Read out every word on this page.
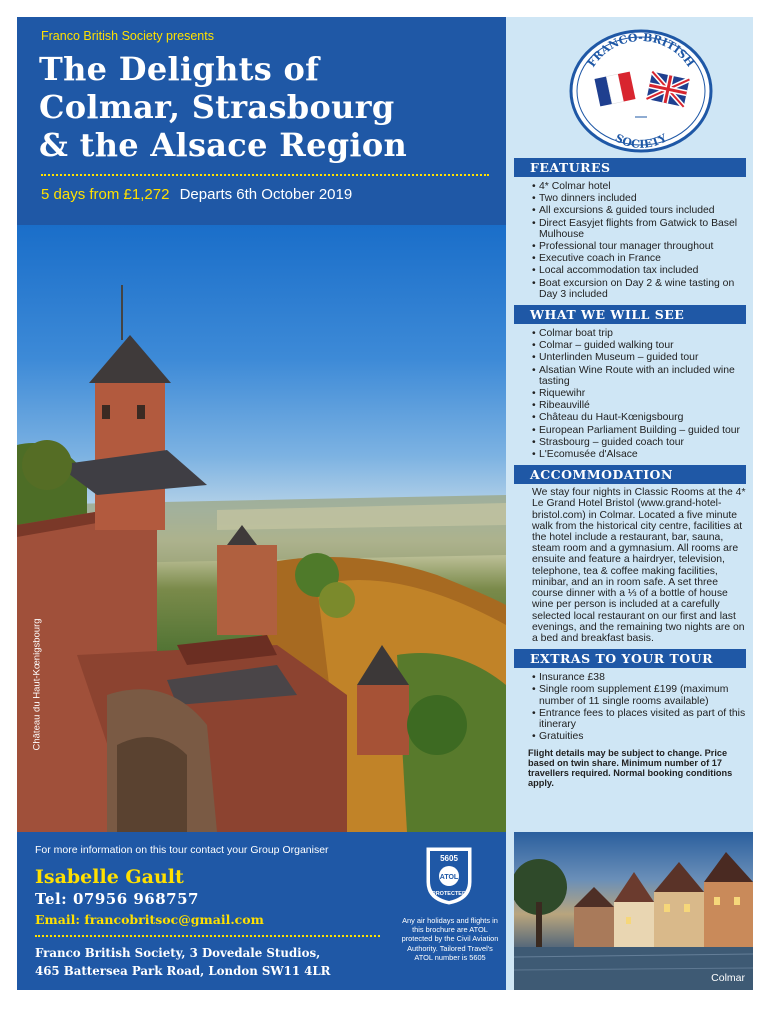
Franco British Society presents
The Delights of
Colmar, Strasbourg
& the Alsace Region
5 days from £1,272 Departs 6th October 2019
Château du Haut-Kœnigsbourg
FRANCO-BRITISH
SOCIETY
FEATURES
• 4* Colmar hotel
• Two dinners included
• All excursions & guided tours included
• Direct Easyjet flights from Gatwick to Basel Mulhouse
• Professional tour manager throughout
• Executive coach in France
• Local accommodation tax included
• Boat excursion on Day 2 & wine tasting on Day 3 included
WHAT WE WILL SEE
• Colmar boat trip
• Colmar – guided walking tour
• Unterlinden Museum – guided tour
• Alsatian Wine Route with an included wine tasting
• Riquewihr
• Ribeauvillé
• Château du Haut-Kœnigsbourg
• European Parliament Building – guided tour
• Strasbourg – guided coach tour
• L'Ecomusée d'Alsace
ACCOMMODATION
We stay four nights in Classic Rooms at the 4* Le Grand Hotel Bristol (www.grand-hotel-bristol.com) in Colmar. Located a five minute walk from the historical city centre, facilities at the hotel include a restaurant, bar, sauna, steam room and a gymnasium. All rooms are ensuite and feature a hairdryer, television, telephone, tea & coffee making facilities, minibar, and an in room safe. A set three course dinner with a ⅓ of a bottle of house wine per person is included at a carefully selected local restaurant on our first and last evenings, and the remaining two nights are on a bed and breakfast basis.
EXTRAS TO YOUR TOUR
• Insurance £38
• Single room supplement £199 (maximum number of 11 single rooms available)
• Entrance fees to places visited as part of this itinerary
• Gratuities
Flight details may be subject to change. Price based on twin share. Minimum number of 17 travellers required. Normal booking conditions apply.
For more information on this tour contact your Group Organiser
Isabelle Gault
Tel: 07956 968757
Email: francobritsoc@gmail.com
Franco British Society, 3 Dovedale Studios,
465 Battersea Park Road, London SW11 4LR
5605
ATOL
PROTECTED
Any air holidays and flights in this brochure are ATOL protected by the Civil Aviation Authority. Tailored Travel's ATOL number is 5605
Colmar
